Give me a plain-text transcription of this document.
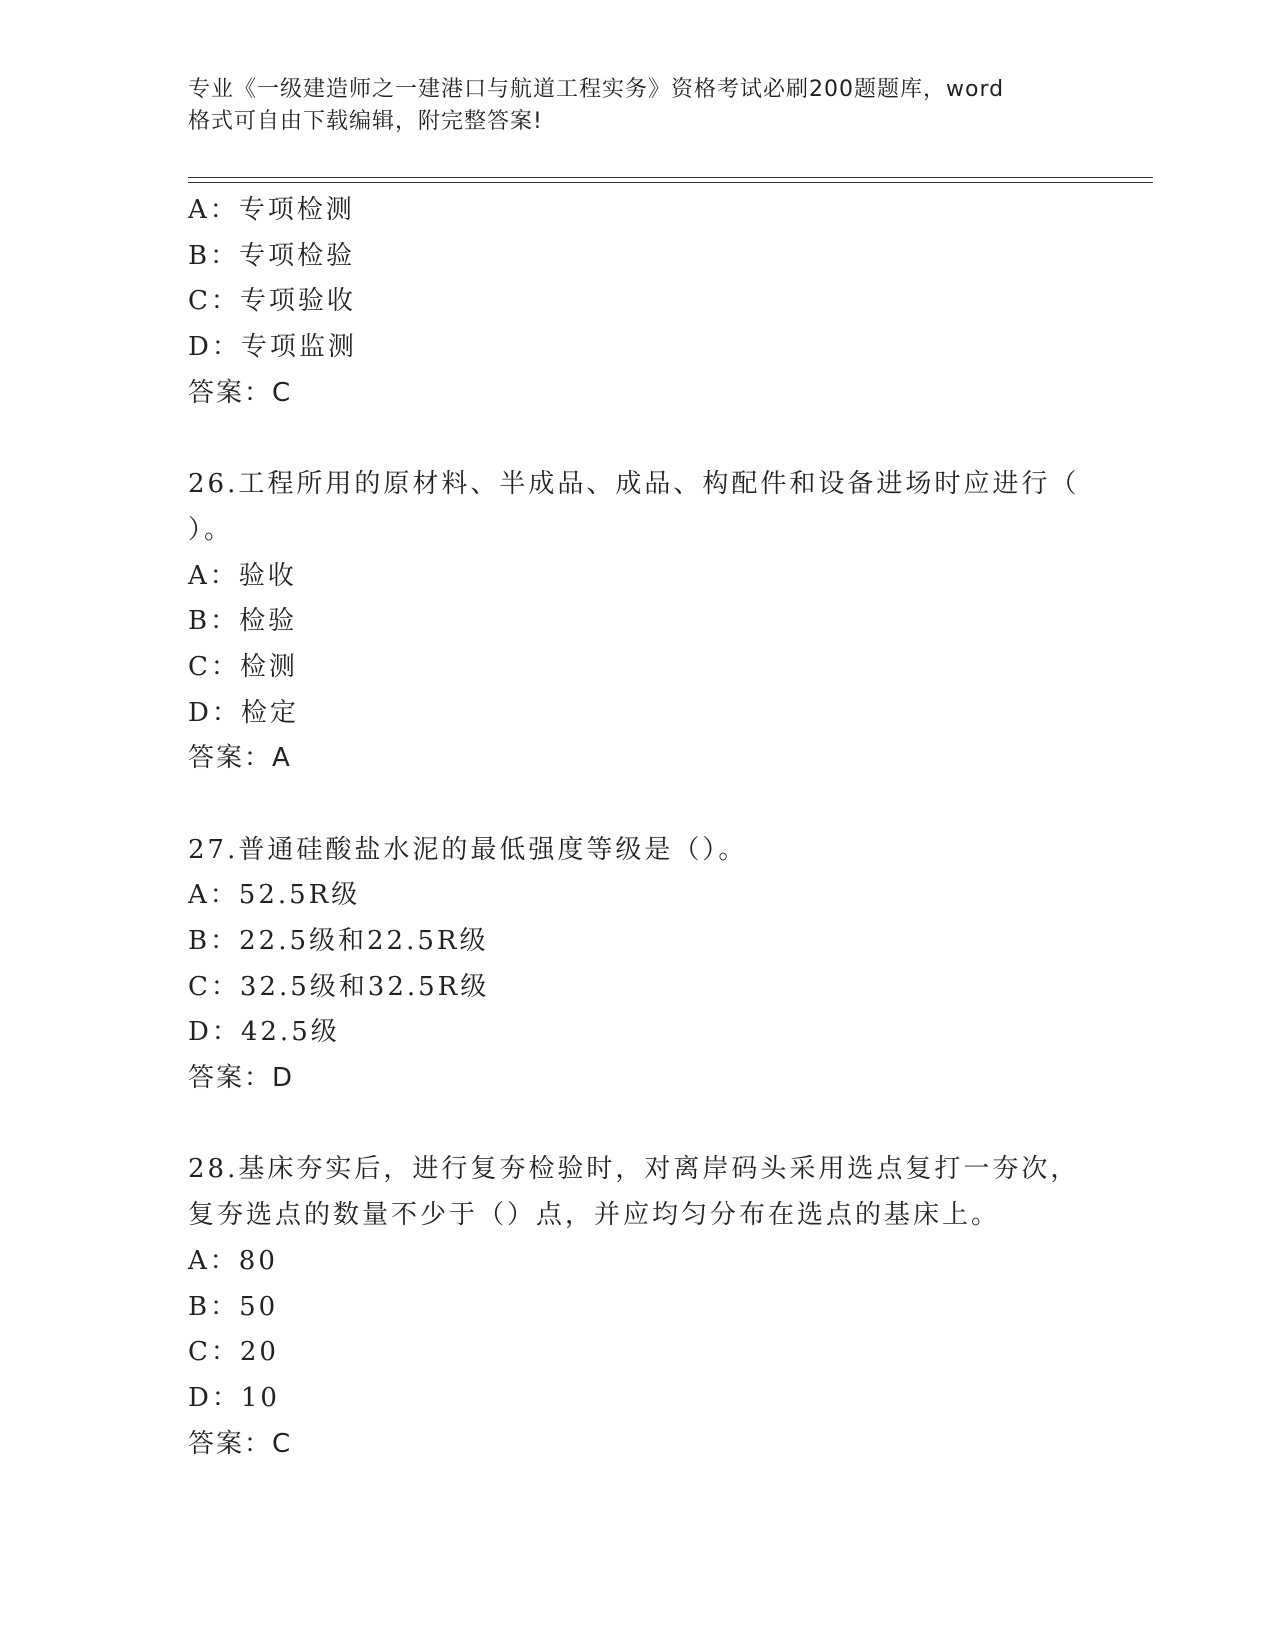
专业《一级建造师之一建港口与航道工程实务》资格考试必刷200题题库，word
格式可自由下载编辑，附完整答案!
A：专项检测
B：专项检验
C：专项验收
D：专项监测
答案：C
26.工程所用的原材料、半成品、成品、构配件和设备进场时应进行（
）。
A：验收
B：检验
C：检测
D：检定
答案：A
27.普通硅酸盐水泥的最低强度等级是（）。
A：52.5R级
B：22.5级和22.5R级
C：32.5级和32.5R级
D：42.5级
答案：D
28.基床夯实后，进行复夯检验时，对离岸码头采用选点复打一夯次，
复夯选点的数量不少于（）点，并应均匀分布在选点的基床上。
A：80
B：50
C：20
D：10
答案：C
